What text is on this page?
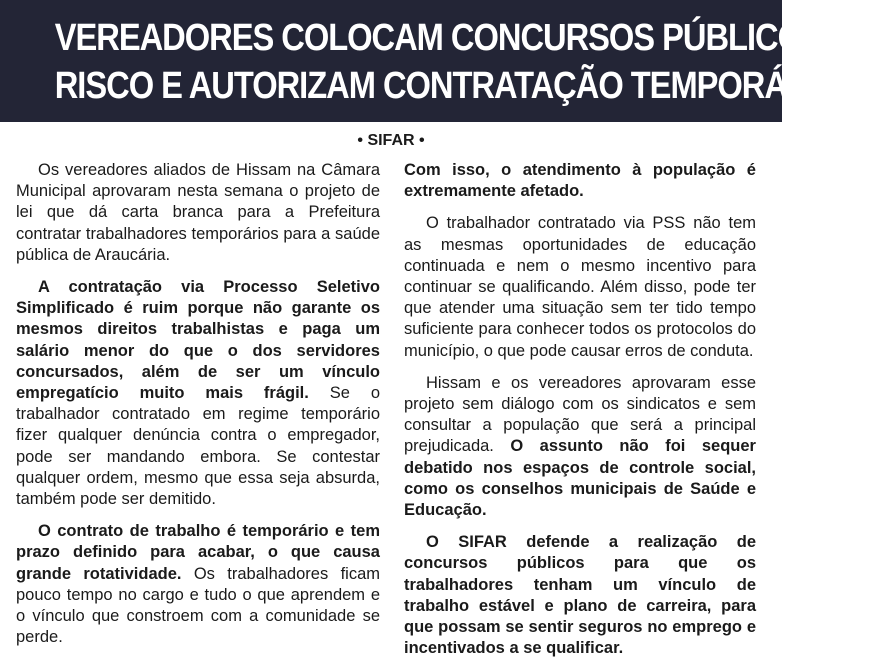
VEREADORES COLOCAM CONCURSOS PÚBLICOS EM
RISCO E AUTORIZAM CONTRATAÇÃO TEMPORÁRIA
• SIFAR •

Os vereadores aliados de Hissam na Câmara Municipal aprovaram nesta semana o projeto de lei que dá carta branca para a Prefeitura contratar trabalhadores temporários para a saúde pública de Araucária.

A contratação via Processo Seletivo Simplificado é ruim porque não garante os mesmos direitos trabalhistas e paga um salário menor do que o dos servidores concursados, além de ser um vínculo empregatício muito mais frágil. Se o trabalhador contratado em regime temporário fizer qualquer denúncia contra o empregador, pode ser mandando embora. Se contestar qualquer ordem, mesmo que essa seja absurda, também pode ser demitido.

O contrato de trabalho é temporário e tem prazo definido para acabar, o que causa grande rotatividade. Os trabalhadores ficam pouco tempo no cargo e tudo o que aprendem e o vínculo que constroem com a comunidade se perde.

Com isso, o atendimento à população é extremamente afetado.

O trabalhador contratado via PSS não tem as mesmas oportunidades de educação continuada e nem o mesmo incentivo para continuar se qualificando. Além disso, pode ter que atender uma situação sem ter tido tempo suficiente para conhecer todos os protocolos do município, o que pode causar erros de conduta.

Hissam e os vereadores aprovaram esse projeto sem diálogo com os sindicatos e sem consultar a população que será a principal prejudicada. O assunto não foi sequer debatido nos espaços de controle social, como os conselhos municipais de Saúde e Educação.

O SIFAR defende a realização de concursos públicos para que os trabalhadores tenham um vínculo de trabalho estável e plano de carreira, para que possam se sentir seguros no emprego e incentivados a se qualificar.
